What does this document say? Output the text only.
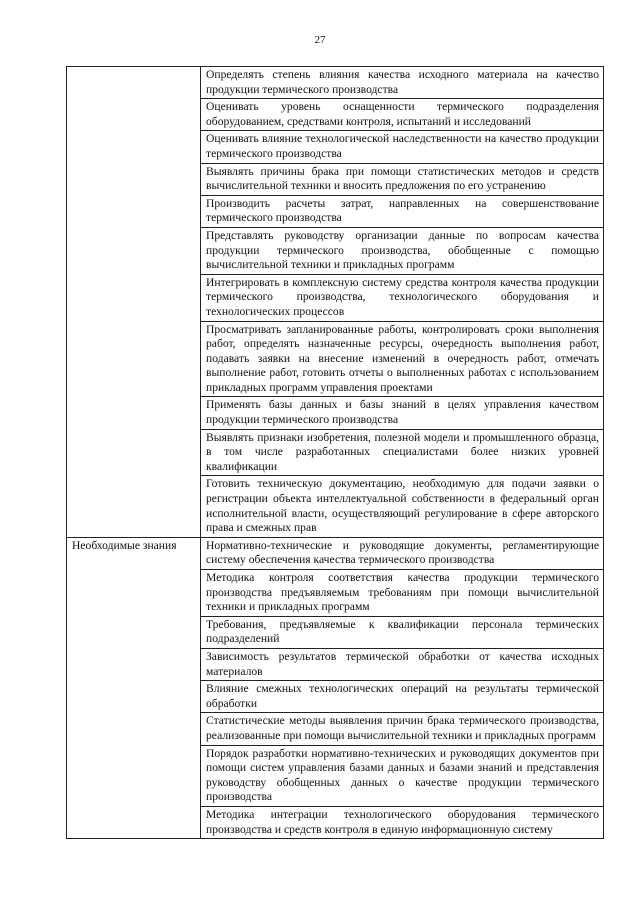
27
	Определять степень влияния качества исходного материала на качество продукции термического производства
	Оценивать уровень оснащенности термического подразделения оборудованием, средствами контроля, испытаний и исследований
	Оценивать влияние технологической наследственности на качество продукции термического производства
	Выявлять причины брака при помощи статистических методов и средств вычислительной техники и вносить предложения по его устранению
	Производить расчеты затрат, направленных на совершенствование термического производства
	Представлять руководству организации данные по вопросам качества продукции термического производства, обобщенные с помощью вычислительной техники и прикладных программ
	Интегрировать в комплексную систему средства контроля качества продукции термического производства, технологического оборудования и технологических процессов
	Просматривать запланированные работы, контролировать сроки выполнения работ, определять назначенные ресурсы, очередность выполнения работ, подавать заявки на внесение изменений в очередность работ, отмечать выполнение работ, готовить отчеты о выполненных работах с использованием прикладных программ управления проектами
	Применять базы данных и базы знаний в целях управления качеством продукции термического производства
	Выявлять признаки изобретения, полезной модели и промышленного образца, в том числе разработанных специалистами более низких уровней квалификации
	Готовить техническую документацию, необходимую для подачи заявки о регистрации объекта интеллектуальной собственности в федеральный орган исполнительной власти, осуществляющий регулирование в сфере авторского права и смежных прав
Необходимые знания	Нормативно-технические и руководящие документы, регламентирующие систему обеспечения качества термического производства
	Методика контроля соответствия качества продукции термического производства предъявляемым требованиям при помощи вычислительной техники и прикладных программ
	Требования, предъявляемые к квалификации персонала термических подразделений
	Зависимость результатов термической обработки от качества исходных материалов
	Влияние смежных технологических операций на результаты термической обработки
	Статистические методы выявления причин брака термического производства, реализованные при помощи вычислительной техники и прикладных программ
	Порядок разработки нормативно-технических и руководящих документов при помощи систем управления базами данных и базами знаний и представления руководству обобщенных данных о качестве продукции термического производства
	Методика интеграции технологического оборудования термического производства и средств контроля в единую информационную систему
